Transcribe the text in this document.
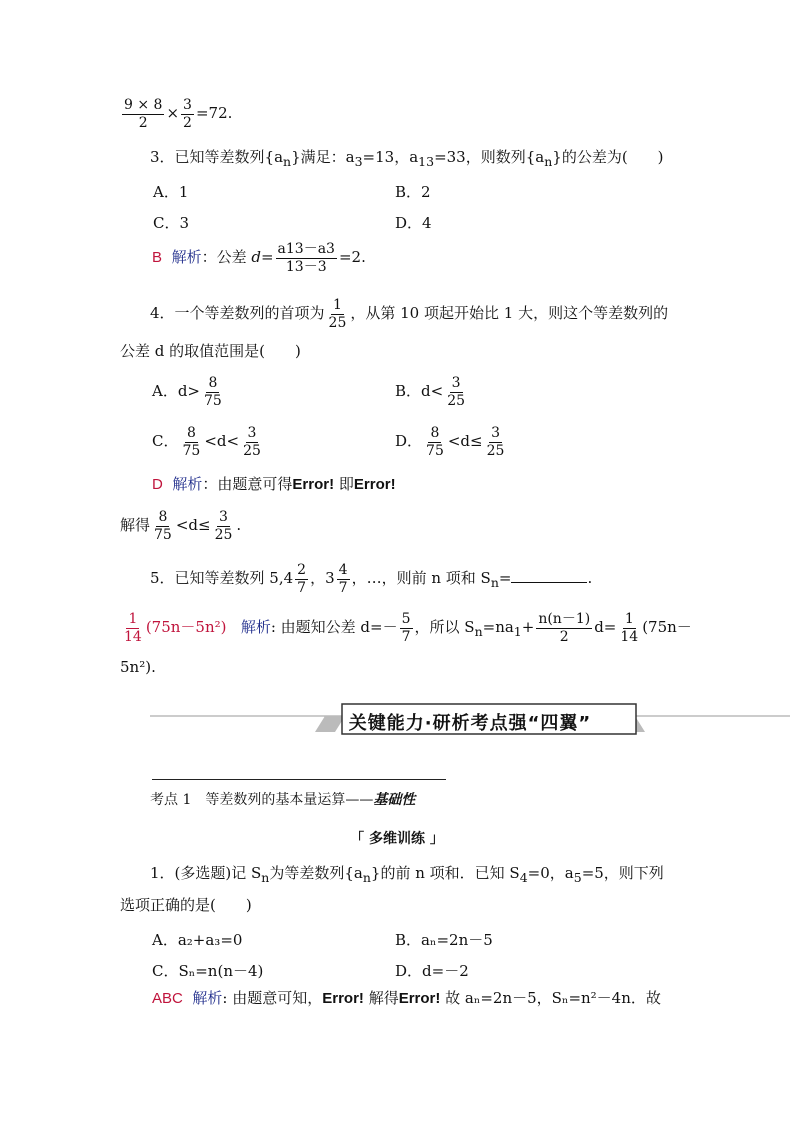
$\frac{9 \times 8}{2} \times \frac{3}{2} =72$.
3．已知等差数列$\{a_n\}$满足：$a_3=13$，$a_{13}=33$，则数列$\{a_n\}$的公差为(　　)
A．1	B．2
C．3	D．4
B 解析：公差 $d= \frac{a13-a3}{13-3} =2$.
4．一个等差数列的首项为 $\frac{1}{25}$ ，从第 10 项起开始比 1 大，则这个等差数列的
公差 d 的取值范围是(　　)
A．$d> \frac{8}{75}$	B．$d< \frac{3}{25}$
C． $\frac{8}{75} <d< \frac{3}{25}$	D． $\frac{8}{75} <d\le \frac{3}{25}$
D 解析：由题意可得Error! 即Error!
解得 $\frac{8}{75} <d\le \frac{3}{25}$ .
5．已知等差数列 $5,4 \frac{2}{7}$ ，$3 \frac{4}{7}$ ，…，则前 n 项和 $S_n=$	.
$\frac{1}{14} (75n-5n^2)$ 解析: 由题知公差 $d=- \frac{5}{7}$ ，所以 $S_n=na_1+ \frac{n(n-1)}{2} d= \frac{1}{14} (75n-$
5n²).
关键能力·研析考点强“四翼”
考点 1　等差数列的基本量运算——基础性
「 多维训练 」
1．(多选题)记 $S_n$为等差数列$\{a_n\}$的前 n 项和．已知 $S_4=0$，$a_5=5$，则下列
选项正确的是(　　)
A．a₂+a₃=0	B．aₙ=2n－5
C．Sₙ=n(n－4)	D．d=－2
ABC 解析: 由题意可知，Error! 解得Error! 故 aₙ=2n－5，Sₙ=n²－4n．故
